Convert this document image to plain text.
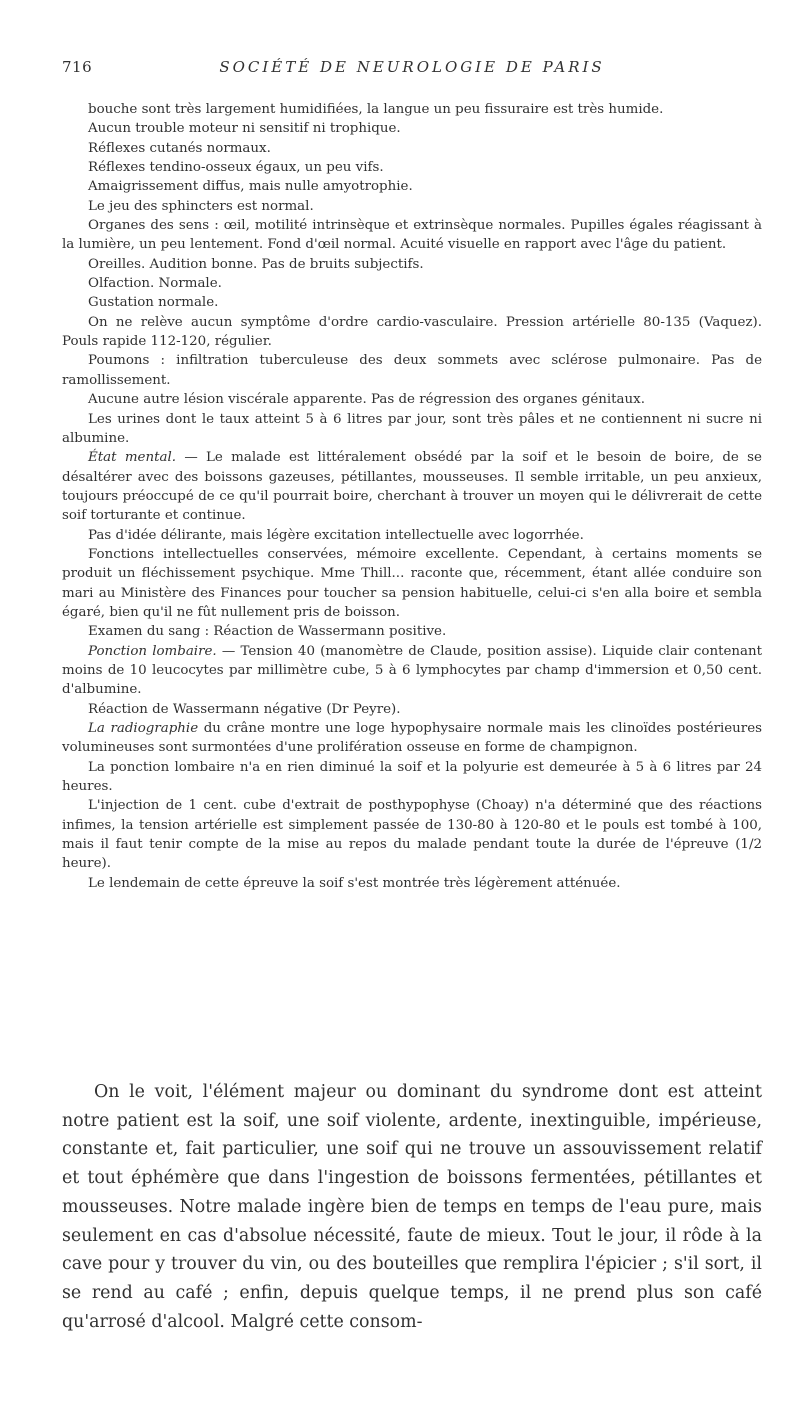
716	SOCIÉTÉ DE NEUROLOGIE DE PARIS

bouche sont très largement humidifiées, la langue un peu fissuraire est très humide.

Aucun trouble moteur ni sensitif ni trophique.

Réflexes cutanés normaux.

Réflexes tendino-osseux égaux, un peu vifs.

Amaigrissement diffus, mais nulle amyotrophie.

Le jeu des sphincters est normal.

Organes des sens : œil, motilité intrinsèque et extrinsèque normales. Pupilles égales réagissant à la lumière, un peu lentement. Fond d'œil normal. Acuité visuelle en rapport avec l'âge du patient.

Oreilles. Audition bonne. Pas de bruits subjectifs.

Olfaction. Normale.

Gustation normale.

On ne relève aucun symptôme d'ordre cardio-vasculaire. Pression artérielle 80-135 (Vaquez). Pouls rapide 112-120, régulier.

Poumons : infiltration tuberculeuse des deux sommets avec sclérose pulmonaire. Pas de ramollissement.

Aucune autre lésion viscérale apparente. Pas de régression des organes génitaux.

Les urines dont le taux atteint 5 à 6 litres par jour, sont très pâles et ne contiennent ni sucre ni albumine.

État mental. — Le malade est littéralement obsédé par la soif et le besoin de boire, de se désaltérer avec des boissons gazeuses, pétillantes, mousseuses. Il semble irritable, un peu anxieux, toujours préoccupé de ce qu'il pourrait boire, cherchant à trouver un moyen qui le délivrerait de cette soif torturante et continue.

Pas d'idée délirante, mais légère excitation intellectuelle avec logorrhée.

Fonctions intellectuelles conservées, mémoire excellente. Cependant, à certains moments se produit un fléchissement psychique. Mme Thill... raconte que, récemment, étant allée conduire son mari au Ministère des Finances pour toucher sa pension habituelle, celui-ci s'en alla boire et sembla égaré, bien qu'il ne fût nullement pris de boisson.

Examen du sang : Réaction de Wassermann positive.

Ponction lombaire. — Tension 40 (manomètre de Claude, position assise). Liquide clair contenant moins de 10 leucocytes par millimètre cube, 5 à 6 lymphocytes par champ d'immersion et 0,50 cent. d'albumine.

Réaction de Wassermann négative (Dr Peyre).

La radiographie du crâne montre une loge hypophysaire normale mais les clinoïdes postérieures volumineuses sont surmontées d'une prolifération osseuse en forme de champignon.

La ponction lombaire n'a en rien diminué la soif et la polyurie est demeurée à 5 à 6 litres par 24 heures.

L'injection de 1 cent. cube d'extrait de posthypophyse (Choay) n'a déterminé que des réactions infimes, la tension artérielle est simplement passée de 130-80 à 120-80 et le pouls est tombé à 100, mais il faut tenir compte de la mise au repos du malade pendant toute la durée de l'épreuve (1/2 heure).

Le lendemain de cette épreuve la soif s'est montrée très légèrement atténuée.

On le voit, l'élément majeur ou dominant du syndrome dont est atteint notre patient est la soif, une soif violente, ardente, inextinguible, impérieuse, constante et, fait particulier, une soif qui ne trouve un assouvissement relatif et tout éphémère que dans l'ingestion de boissons fermentées, pétillantes et mousseuses. Notre malade ingère bien de temps en temps de l'eau pure, mais seulement en cas d'absolue nécessité, faute de mieux. Tout le jour, il rôde à la cave pour y trouver du vin, ou des bouteilles que remplira l'épicier ; s'il sort, il se rend au café ; enfin, depuis quelque temps, il ne prend plus son café qu'arrosé d'alcool. Malgré cette consom-
